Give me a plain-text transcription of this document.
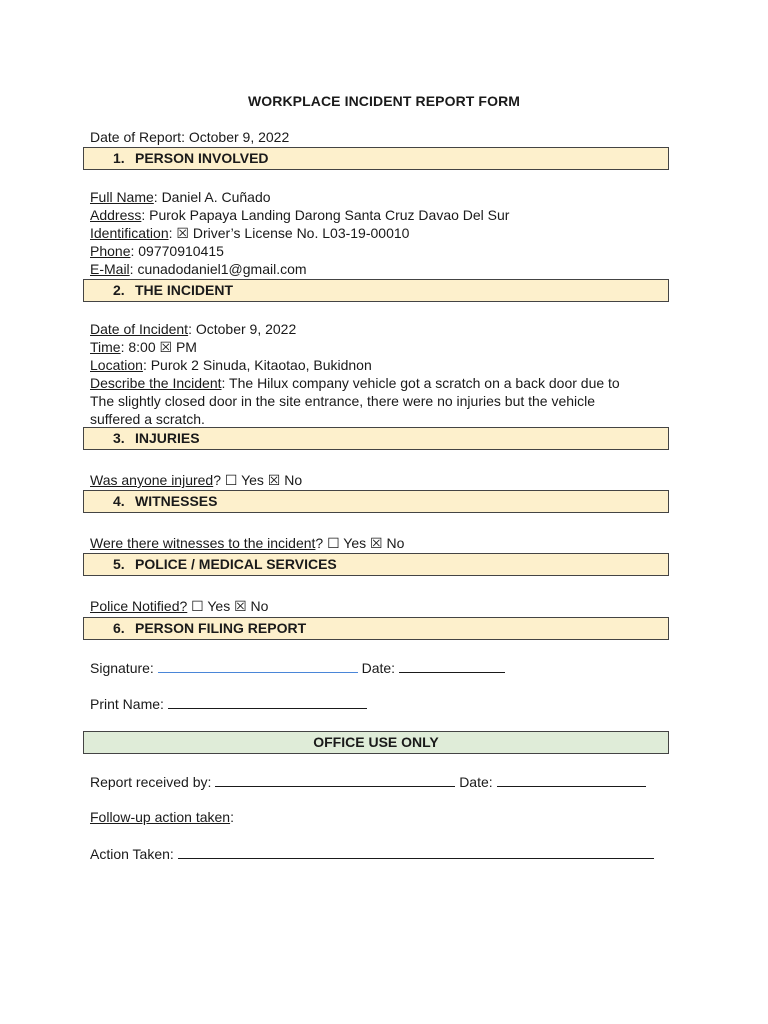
WORKPLACE INCIDENT REPORT FORM
Date of Report: October 9, 2022
1. PERSON INVOLVED
Full Name: Daniel A. Cuñado
Address: Purok Papaya Landing Darong Santa Cruz Davao Del Sur
Identification: ☒ Driver’s License No. L03-19-00010
Phone: 09770910415
E-Mail: cunadodaniel1@gmail.com
2. THE INCIDENT
Date of Incident: October 9, 2022
Time: 8:00 ☒ PM
Location: Purok 2 Sinuda, Kitaotao, Bukidnon
Describe the Incident: The Hilux company vehicle got a scratch on a back door due to
The slightly closed door in the site entrance, there were no injuries but the vehicle
suffered a scratch.
3. INJURIES
Was anyone injured? ☐ Yes ☒ No
4. WITNESSES
Were there witnesses to the incident? ☐ Yes ☒ No
5. POLICE / MEDICAL SERVICES
Police Notified? ☐ Yes ☒ No
6. PERSON FILING REPORT
Signature:	Date:
Print Name:
OFFICE USE ONLY
Report received by:	Date:
Follow-up action taken:
Action Taken:
